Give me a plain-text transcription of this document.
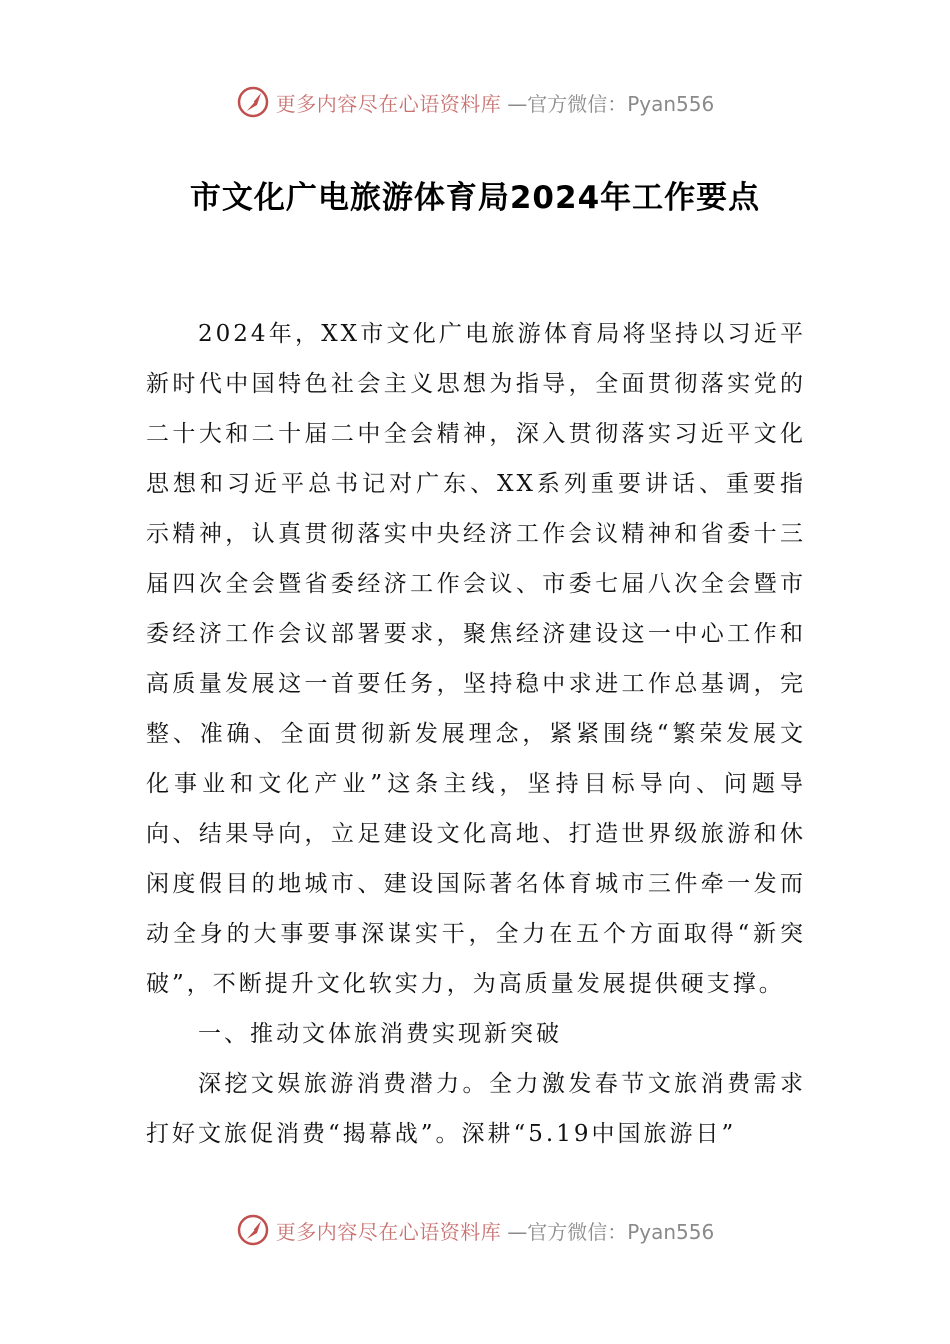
更多内容尽在心语资料库 —官方微信：Pyan556
市文化广电旅游体育局2024年工作要点

2024年，XX市文化广电旅游体育局将坚持以习近平新时代中国特色社会主义思想为指导，全面贯彻落实党的二十大和二十届二中全会精神，深入贯彻落实习近平文化思想和习近平总书记对广东、XX系列重要讲话、重要指示精神，认真贯彻落实中央经济工作会议精神和省委十三届四次全会暨省委经济工作会议、市委七届八次全会暨市委经济工作会议部署要求，聚焦经济建设这一中心工作和高质量发展这一首要任务，坚持稳中求进工作总基调，完整、准确、全面贯彻新发展理念，紧紧围绕“繁荣发展文化事业和文化产业”这条主线，坚持目标导向、问题导向、结果导向，立足建设文化高地、打造世界级旅游和休闲度假目的地城市、建设国际著名体育城市三件牵一发而动全身的大事要事深谋实干，全力在五个方面取得“新突破”，不断提升文化软实力，为高质量发展提供硬支撑。

一、推动文体旅消费实现新突破

深挖文娱旅游消费潜力。全力激发春节文旅消费需求打好文旅促消费“揭幕战”。深耕“5.19中国旅游日”

更多内容尽在心语资料库 —官方微信：Pyan556
